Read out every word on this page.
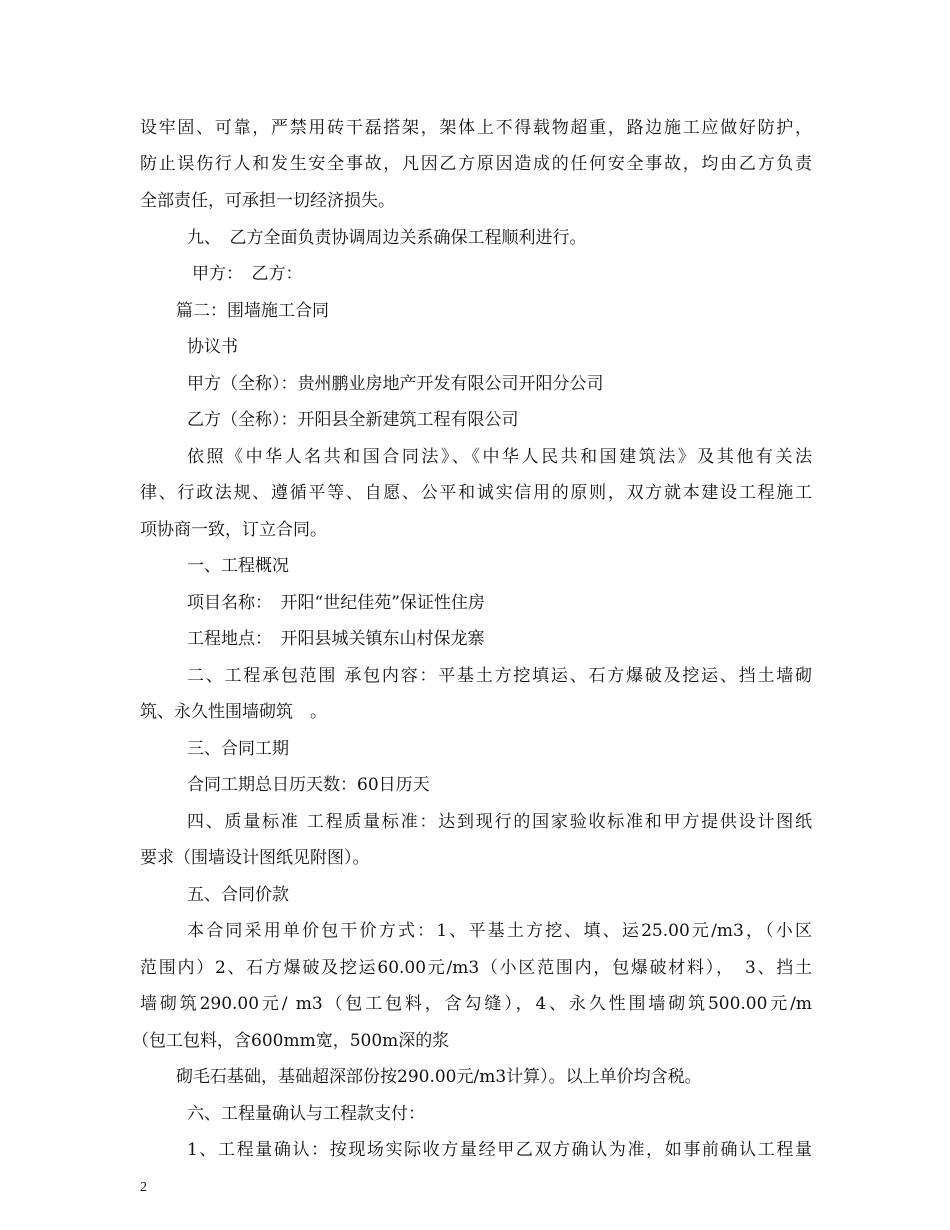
设牢固、可靠，严禁用砖干磊搭架，架体上不得载物超重，路边施工应做好防护，
防止误伤行人和发生安全事故，凡因乙方原因造成的任何安全事故，均由乙方负责
全部责任，可承担一切经济损失。
九、　乙方全面负责协调周边关系确保工程顺利进行。
甲方：　乙方：
篇二：围墙施工合同
协议书
甲方（全称）：贵州鹏业房地产开发有限公司开阳分公司
乙方（全称）：开阳县全新建筑工程有限公司
依照《中华人名共和国合同法》、《中华人民共和国建筑法》及其他有关法
律、行政法规、遵循平等、自愿、公平和诚实信用的原则，双方就本建设工程施工
项协商一致，订立合同。
一、工程概况
项目名称：　开阳“世纪佳苑”保证性住房
工程地点：　开阳县城关镇东山村保龙寨
二、工程承包范围 承包内容：平基土方挖填运、石方爆破及挖运、挡土墙砌
筑、永久性围墙砌筑　。
三、合同工期
合同工期总日历天数：60日历天
四、质量标准 工程质量标准：达到现行的国家验收标准和甲方提供设计图纸
要求（围墙设计图纸见附图）。
五、合同价款
本合同采用单价包干价方式：1、平基土方挖、填、运25.00元/m3，（小区
范围内）2、石方爆破及挖运60.00元/m3（小区范围内，包爆破材料），　3、挡土
墙砌筑290.00元/ m3（包工包料，含勾缝），4、永久性围墙砌筑500.00元/m
（包工包料，含600mm宽，500m深的浆
砌毛石基础，基础超深部份按290.00元/m3计算）。以上单价均含税。
六、工程量确认与工程款支付：
1、工程量确认：按现场实际收方量经甲乙双方确认为准，如事前确认工程量
2
